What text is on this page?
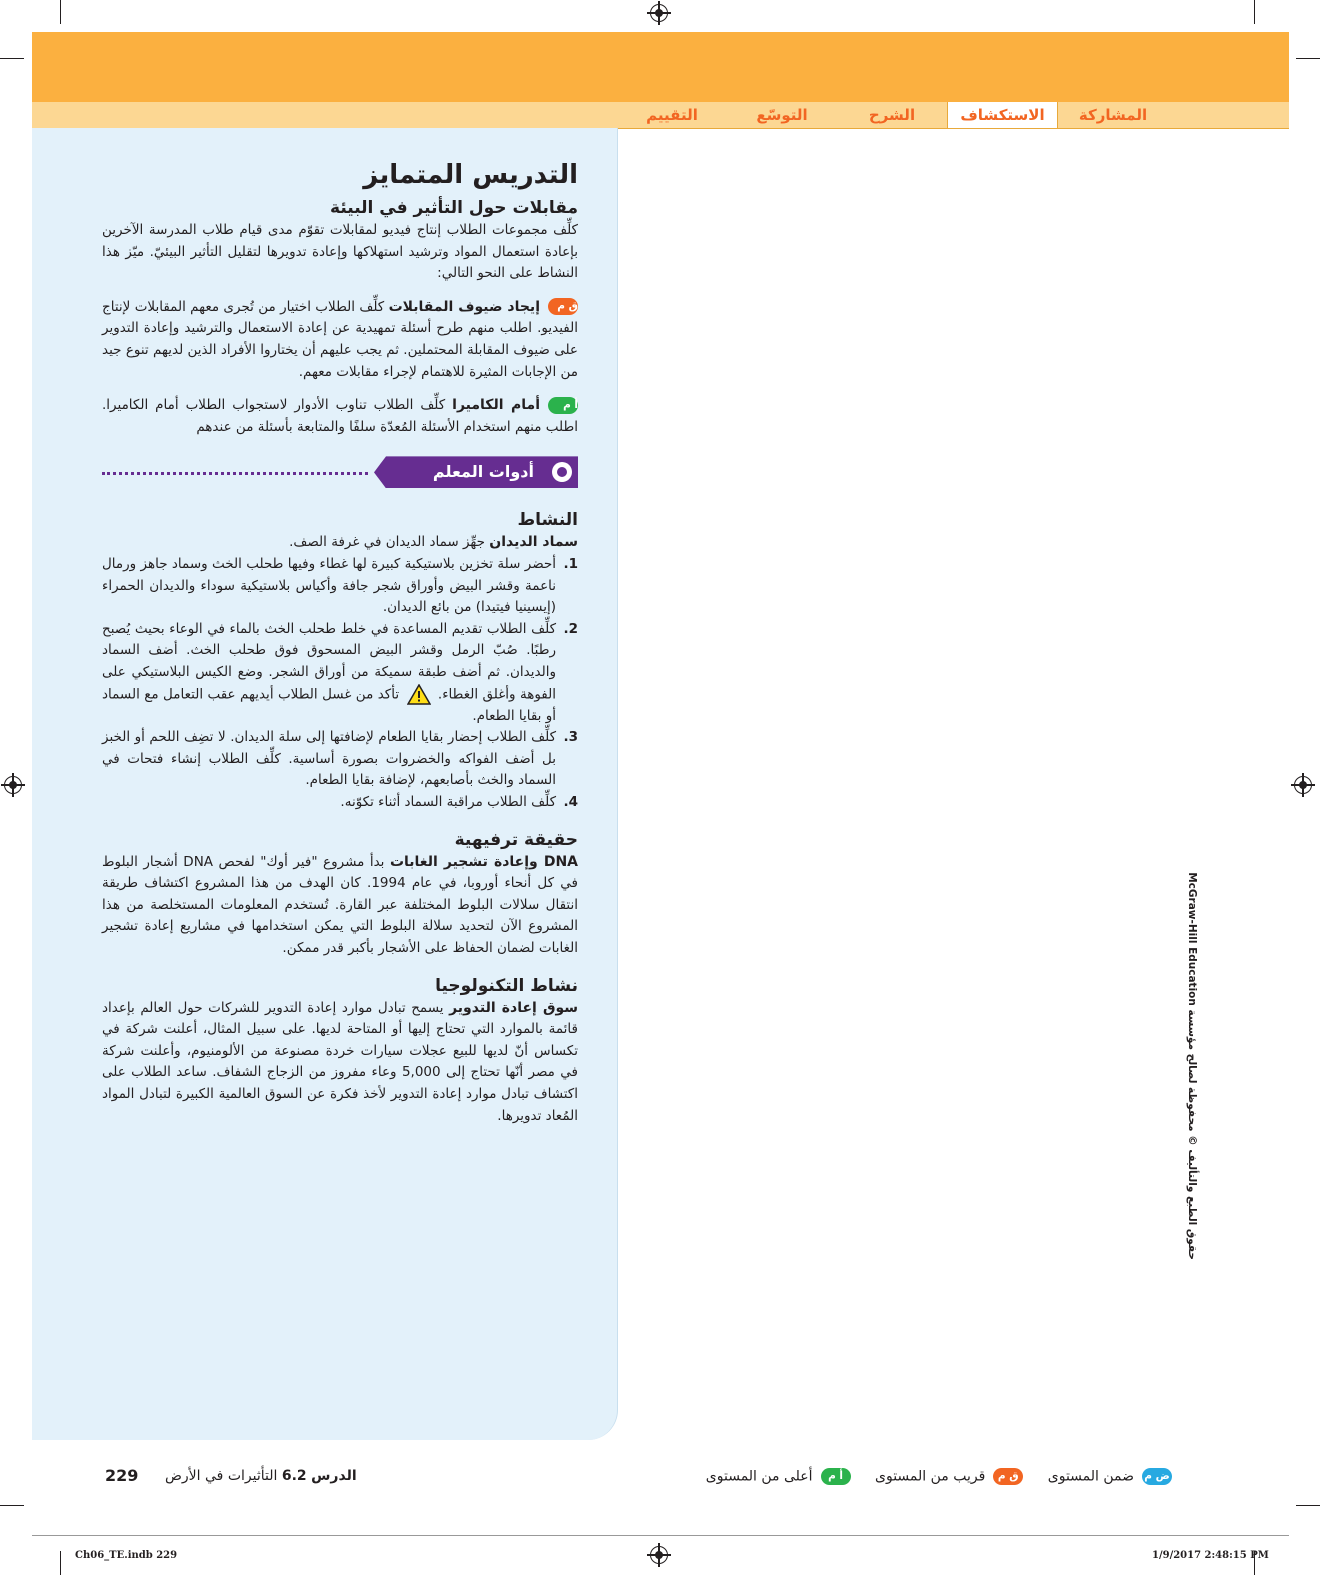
المشاركة
الاستكشاف
الشرح
التوسّع
التقييم
التدريس المتمايز
مقابلات حول التأثير في البيئة

كلِّف مجموعات الطلاب إنتاج فيديو لمقابلات تقوّم مدى قيام طلاب المدرسة الآخرين بإعادة استعمال المواد وترشيد استهلاكها وإعادة تدويرها لتقليل التأثير البيئيّ. ميّز هذا النشاط على النحو التالي:

ق مإيجاد ضيوف المقابلات كلِّف الطلاب اختيار من تُجرى معهم المقابلات لإنتاج الفيديو. اطلب منهم طرح أسئلة تمهيدية عن إعادة الاستعمال والترشيد وإعادة التدوير على ضيوف المقابلة المحتملين. ثم يجب عليهم أن يختاروا الأفراد الذين لديهم تنوع جيد من الإجابات المثيرة للاهتمام لإجراء مقابلات معهم.

أ مأمام الكاميرا كلِّف الطلاب تناوب الأدوار لاستجواب الطلاب أمام الكاميرا. اطلب منهم استخدام الأسئلة المُعدّة سلفًا والمتابعة بأسئلة من عندهم

أدوات المعلم
النشاط

سماد الديدان جهِّز سماد الديدان في غرفة الصف.

1.

أحضر سلة تخزين بلاستيكية كبيرة لها غطاء وفيها طحلب الخث وسماد جاهز ورمال ناعمة وقشر البيض وأوراق شجر جافة وأكياس بلاستيكية سوداء والديدان الحمراء (إيسينيا فيتيدا) من بائع الديدان.

2.

كلِّف الطلاب تقديم المساعدة في خلط طحلب الخث بالماء في الوعاء بحيث يُصبح رطبًا. صُبّ الرمل وقشر البيض المسحوق فوق طحلب الخث. أضف السماد والديدان. ثم أضف طبقة سميكة من أوراق الشجر. وضع الكيس البلاستيكي على الفوهة وأغلق الغطاء.  تأكد من غسل الطلاب أيديهم عقب التعامل مع السماد أو بقايا الطعام.

3.

كلِّف الطلاب إحضار بقايا الطعام لإضافتها إلى سلة الديدان. لا تضِف اللحم أو الخبز بل أضف الفواكه والخضروات بصورة أساسية. كلِّف الطلاب إنشاء فتحات في السماد والخث بأصابعهم، لإضافة بقايا الطعام.

4.

كلِّف الطلاب مراقبة السماد أثناء تكوّنه.

حقيقة ترفيهية

DNA وإعادة تشجير الغابات بدأ مشروع "فير أوك" لفحص DNA أشجار البلوط في كل أنحاء أوروبا، في عام 1994. كان الهدف من هذا المشروع اكتشاف طريقة انتقال سلالات البلوط المختلفة عبر القارة. تُستخدم المعلومات المستخلصة من هذا المشروع الآن لتحديد سلالة البلوط التي يمكن استخدامها في مشاريع إعادة تشجير الغابات لضمان الحفاظ على الأشجار بأكبر قدر ممكن.

نشاط التكنولوجيا

سوق إعادة التدوير يسمح تبادل موارد إعادة التدوير للشركات حول العالم بإعداد قائمة بالموارد التي تحتاج إليها أو المتاحة لديها. على سبيل المثال، أعلنت شركة في تكساس أنّ لديها للبيع عجلات سيارات خردة مصنوعة من الألومنيوم، وأعلنت شركة في مصر أنّها تحتاج إلى 5,000 وعاء مفروز من الزجاج الشفاف. ساعد الطلاب على اكتشاف تبادل موارد إعادة التدوير لأخذ فكرة عن السوق العالمية الكبيرة لتبادل المواد المُعاد تدويرها.

حقوق الطبع والتأليف © محفوظة لصالح مؤسسة McGraw-Hill Education
ض مضمن المستوى ق مقريب من المستوى أ مأعلى من المستوى
الدرس 6.2 التأثيرات في الأرض
229
Ch06_TE.indb 229	1/9/2017 2:48:15 PM
